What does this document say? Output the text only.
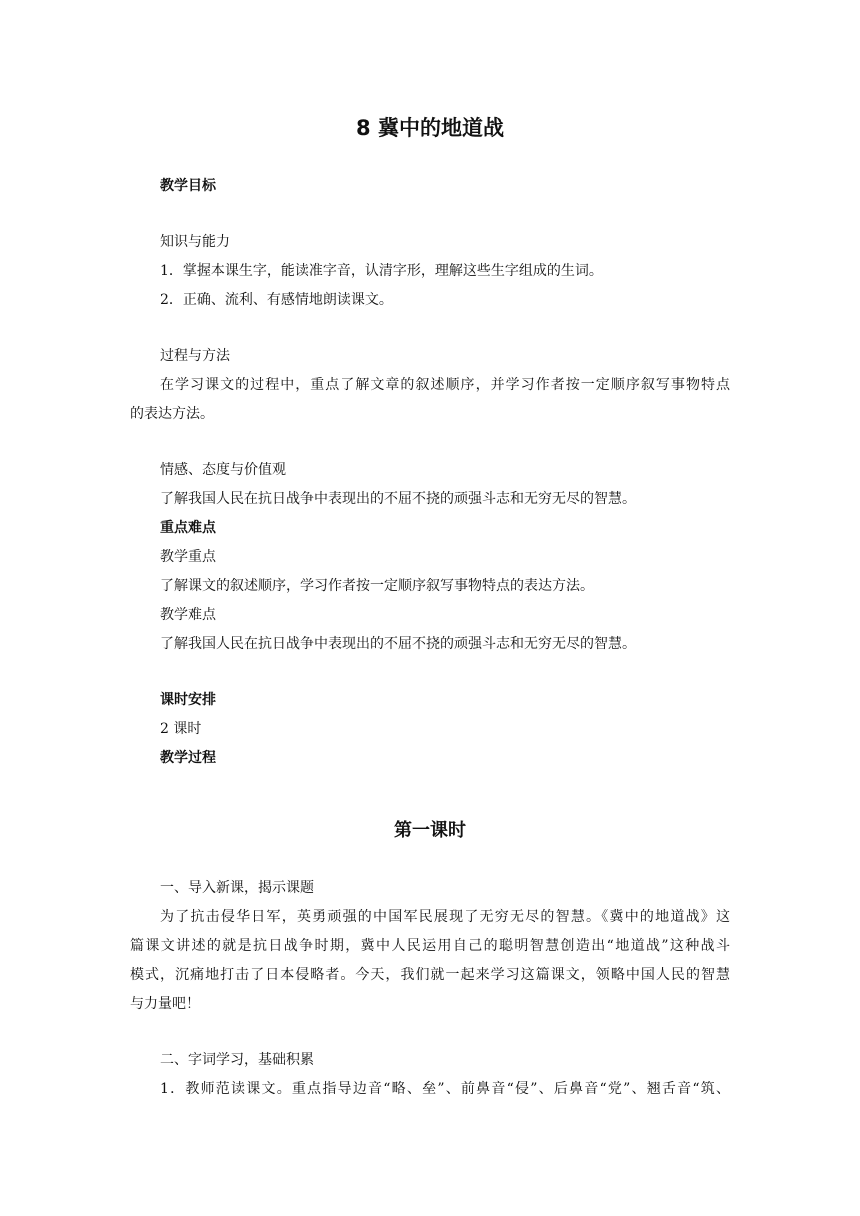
8 冀中的地道战
教学目标
知识与能力
1．掌握本课生字，能读准字音，认清字形，理解这些生字组成的生词。
2．正确、流利、有感情地朗读课文。
过程与方法
在学习课文的过程中，重点了解文章的叙述顺序，并学习作者按一定顺序叙写事物特点
的表达方法。
情感、态度与价值观
了解我国人民在抗日战争中表现出的不屈不挠的顽强斗志和无穷无尽的智慧。
重点难点
教学重点
了解课文的叙述顺序，学习作者按一定顺序叙写事物特点的表达方法。
教学难点
了解我国人民在抗日战争中表现出的不屈不挠的顽强斗志和无穷无尽的智慧。
课时安排
2 课时
教学过程
第一课时
一、导入新课，揭示课题
为了抗击侵华日军，英勇顽强的中国军民展现了无穷无尽的智慧。《冀中的地道战》这
篇课文讲述的就是抗日战争时期，冀中人民运用自己的聪明智慧创造出“地道战”这种战斗
模式，沉痛地打击了日本侵略者。今天，我们就一起来学习这篇课文，领略中国人民的智慧
与力量吧！
二、字词学习，基础积累
1．教师范读课文。重点指导边音“略、垒”、前鼻音“侵”、后鼻音“党”、翘舌音“筑、
